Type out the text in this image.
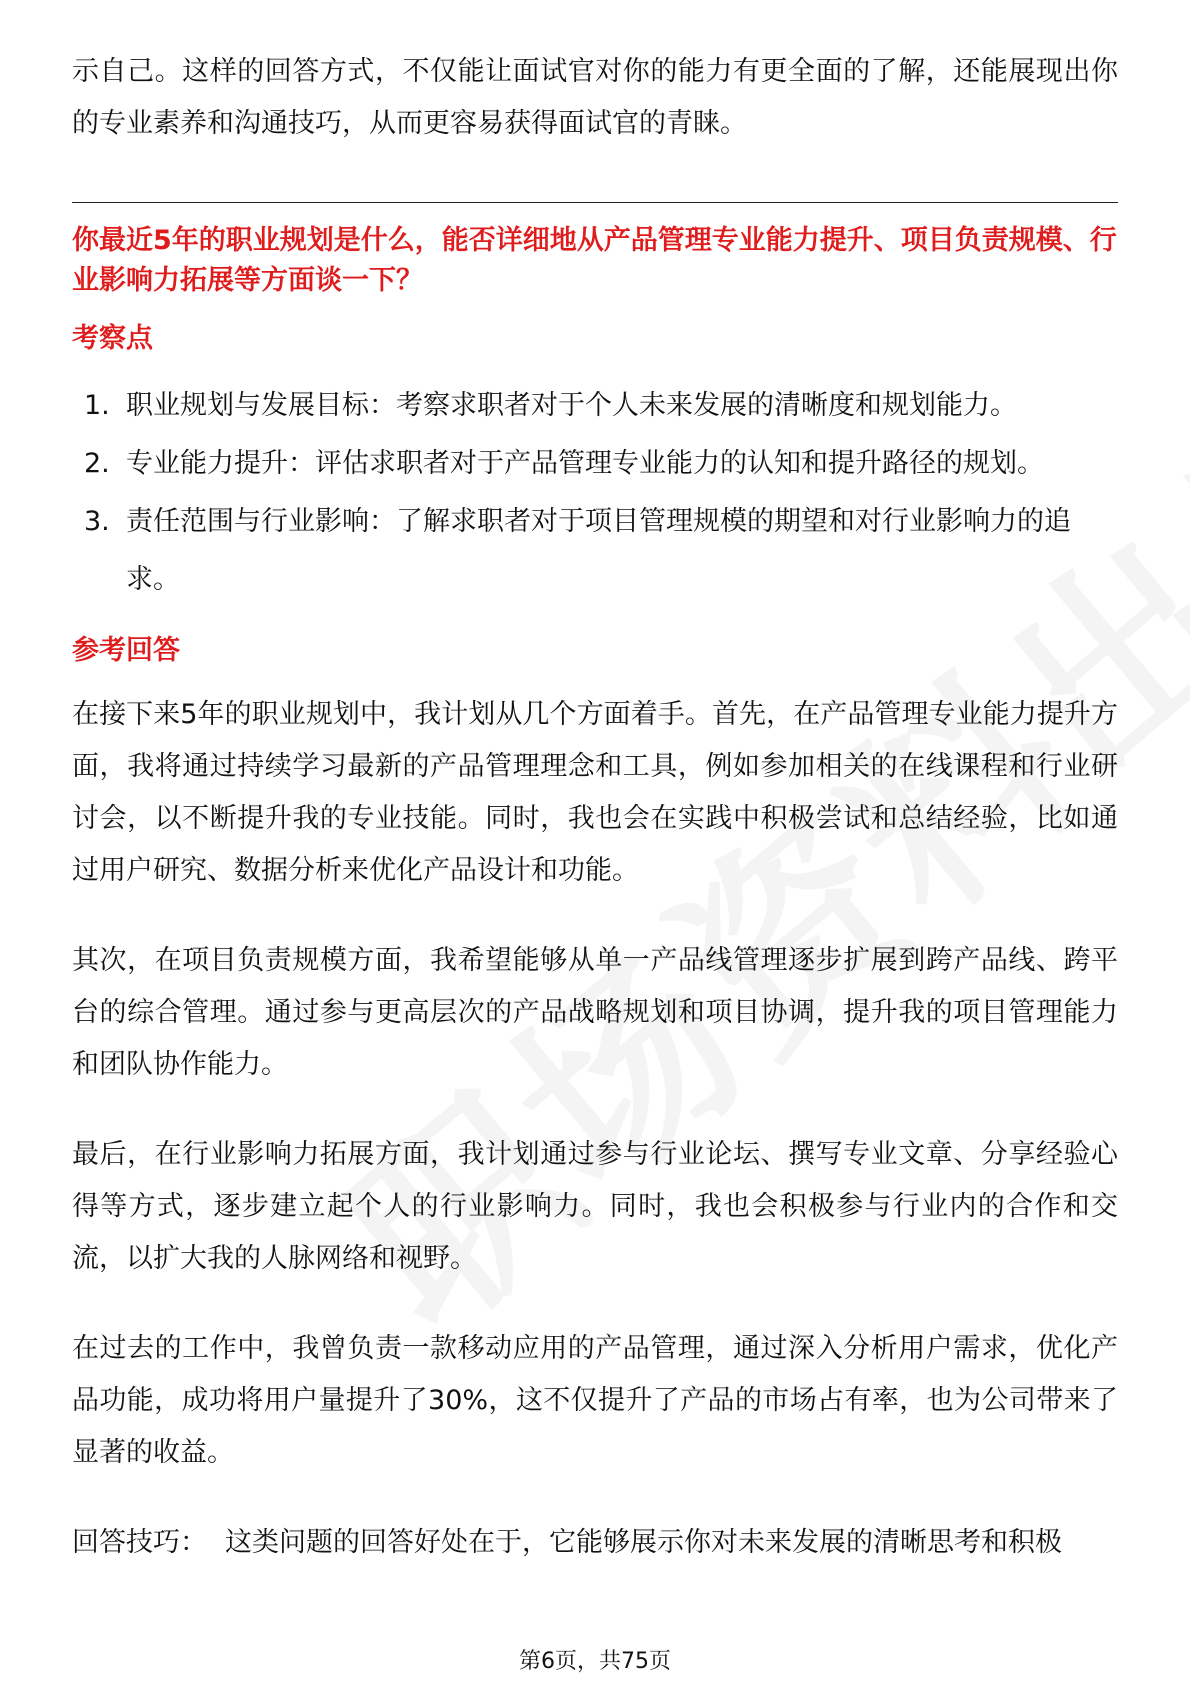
示自己。这样的回答方式，不仅能让面试官对你的能力有更全面的了解，还能展现出你的专业素养和沟通技巧，从而更容易获得面试官的青睐。

你最近5年的职业规划是什么，能否详细地从产品管理专业能力提升、项目负责规模、行业影响力拓展等方面谈一下？

考察点
1. 职业规划与发展目标：考察求职者对于个人未来发展的清晰度和规划能力。
2. 专业能力提升：评估求职者对于产品管理专业能力的认知和提升路径的规划。
3. 责任范围与行业影响：了解求职者对于项目管理规模的期望和对行业影响力的追求。
参考回答

在接下来5年的职业规划中，我计划从几个方面着手。首先，在产品管理专业能力提升方面，我将通过持续学习最新的产品管理理念和工具，例如参加相关的在线课程和行业研讨会，以不断提升我的专业技能。同时，我也会在实践中积极尝试和总结经验，比如通过用户研究、数据分析来优化产品设计和功能。

其次，在项目负责规模方面，我希望能够从单一产品线管理逐步扩展到跨产品线、跨平台的综合管理。通过参与更高层次的产品战略规划和项目协调，提升我的项目管理能力和团队协作能力。

最后，在行业影响力拓展方面，我计划通过参与行业论坛、撰写专业文章、分享经验心得等方式，逐步建立起个人的行业影响力。同时，我也会积极参与行业内的合作和交流，以扩大我的人脉网络和视野。

在过去的工作中，我曾负责一款移动应用的产品管理，通过深入分析用户需求，优化产品功能，成功将用户量提升了30%，这不仅提升了产品的市场占有率，也为公司带来了显著的收益。

回答技巧： 这类问题的回答好处在于，它能够展示你对未来发展的清晰思考和积极

第6页，共75页
